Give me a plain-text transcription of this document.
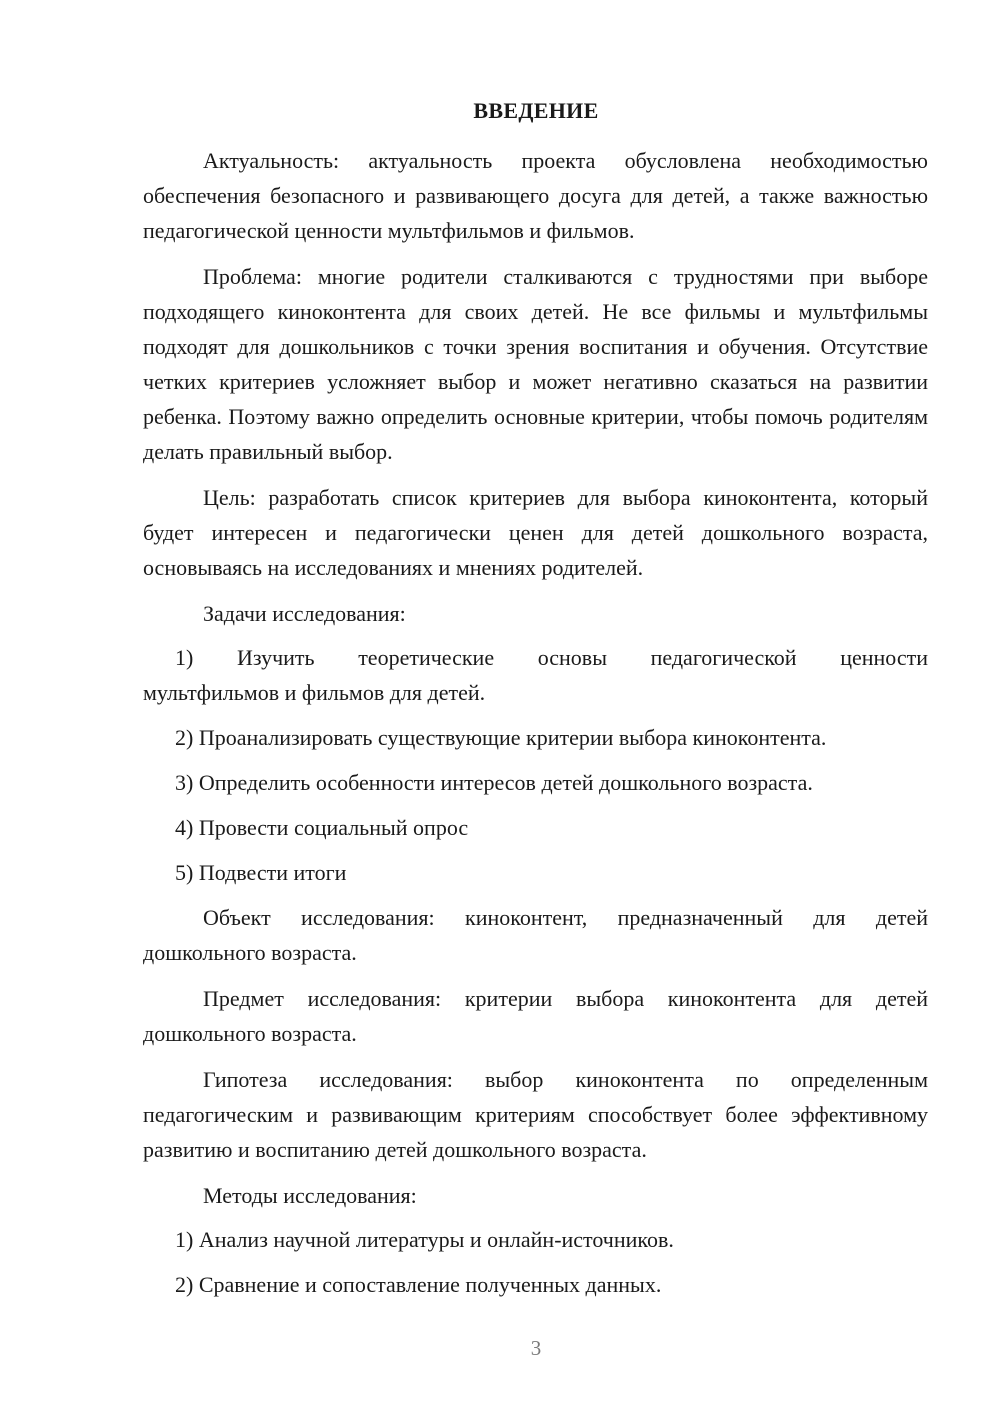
ВВЕДЕНИЕ

Актуальность: актуальность проекта обусловлена необходимостью обеспечения безопасного и развивающего досуга для детей, а также важностью педагогической ценности мультфильмов и фильмов.

Проблема: многие родители сталкиваются с трудностями при выборе подходящего киноконтента для своих детей. Не все фильмы и мультфильмы подходят для дошкольников с точки зрения воспитания и обучения. Отсутствие четких критериев усложняет выбор и может негативно сказаться на развитии ребенка. Поэтому важно определить основные критерии, чтобы помочь родителям делать правильный выбор.

Цель: разработать список критериев для выбора киноконтента, который будет интересен и педагогически ценен для детей дошкольного возраста, основываясь на исследованиях и мнениях родителей.

Задачи исследования:

1) Изучить теоретические основы педагогической ценности
мультфильмов и фильмов для детей.
2) Проанализировать существующие критерии выбора киноконтента.
3) Определить особенности интересов детей дошкольного возраста.
4) Провести социальный опрос
5) Подвести итоги

Объект исследования: киноконтент, предназначенный для детей дошкольного возраста.

Предмет исследования: критерии выбора киноконтента для детей дошкольного возраста.

Гипотеза исследования: выбор киноконтента по определенным педагогическим и развивающим критериям способствует более эффективному развитию и воспитанию детей дошкольного возраста.

Методы исследования:

1) Анализ научной литературы и онлайн-источников.
2) Сравнение и сопоставление полученных данных.
3
